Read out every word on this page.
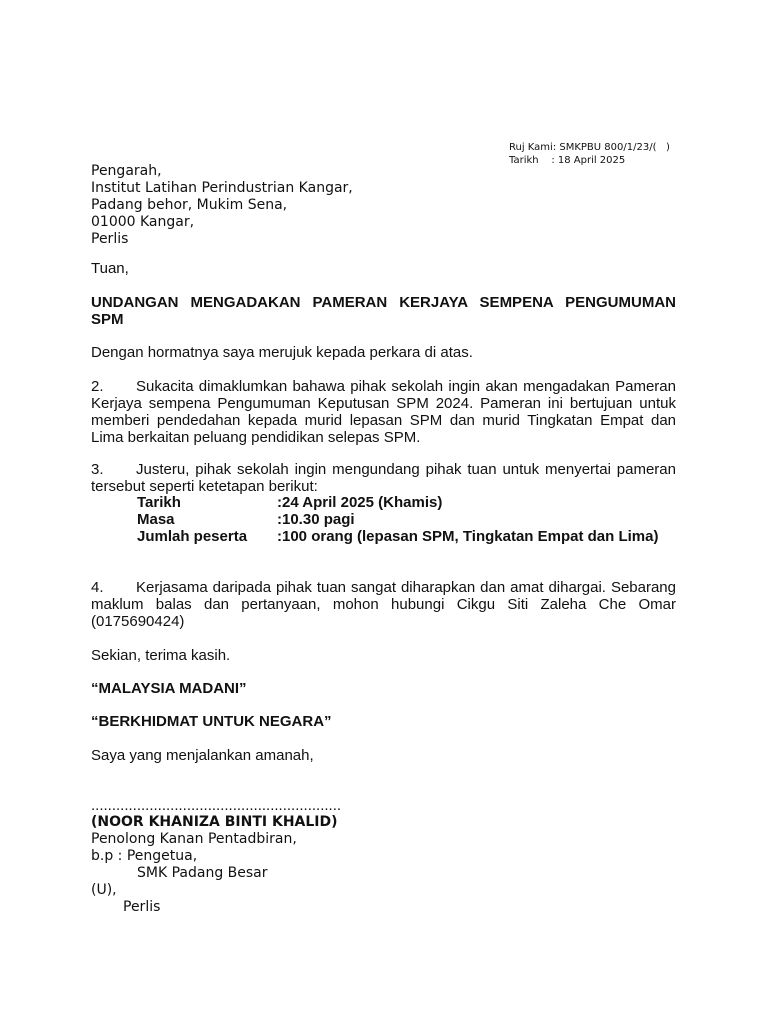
Ruj Kami: SMKPBU 800/1/23/(   )
Tarikh    : 18 April 2025
Pengarah,
Institut Latihan Perindustrian Kangar,
Padang behor, Mukim Sena,
01000 Kangar,
Perlis
Tuan,
UNDANGAN MENGADAKAN PAMERAN KERJAYA SEMPENA PENGUMUMAN
SPM
Dengan hormatnya saya merujuk kepada perkara di atas.
2. Sukacita dimaklumkan bahawa pihak sekolah ingin akan mengadakan Pameran Kerjaya sempena Pengumuman Keputusan SPM 2024. Pameran ini bertujuan untuk memberi pendedahan kepada murid lepasan SPM dan murid Tingkatan Empat dan Lima berkaitan peluang pendidikan selepas SPM.
3. Justeru, pihak sekolah ingin mengundang pihak tuan untuk menyertai pameran tersebut seperti ketetapan berikut:
Tarikh	:24 April 2025 (Khamis)
Masa	:10.30 pagi
Jumlah peserta	:100 orang (lepasan SPM, Tingkatan Empat dan Lima)
4. Kerjasama daripada pihak tuan sangat diharapkan dan amat dihargai. Sebarang maklum balas dan pertanyaan, mohon hubungi Cikgu Siti Zaleha Che Omar (0175690424)
Sekian, terima kasih.
“MALAYSIA MADANI”
“BERKHIDMAT UNTUK NEGARA”
Saya yang menjalankan amanah,
............................................................
(NOOR KHANIZA BINTI KHALID)
Penolong Kanan Pentadbiran,
b.p : Pengetua,
SMK Padang Besar
(U),
Perlis
